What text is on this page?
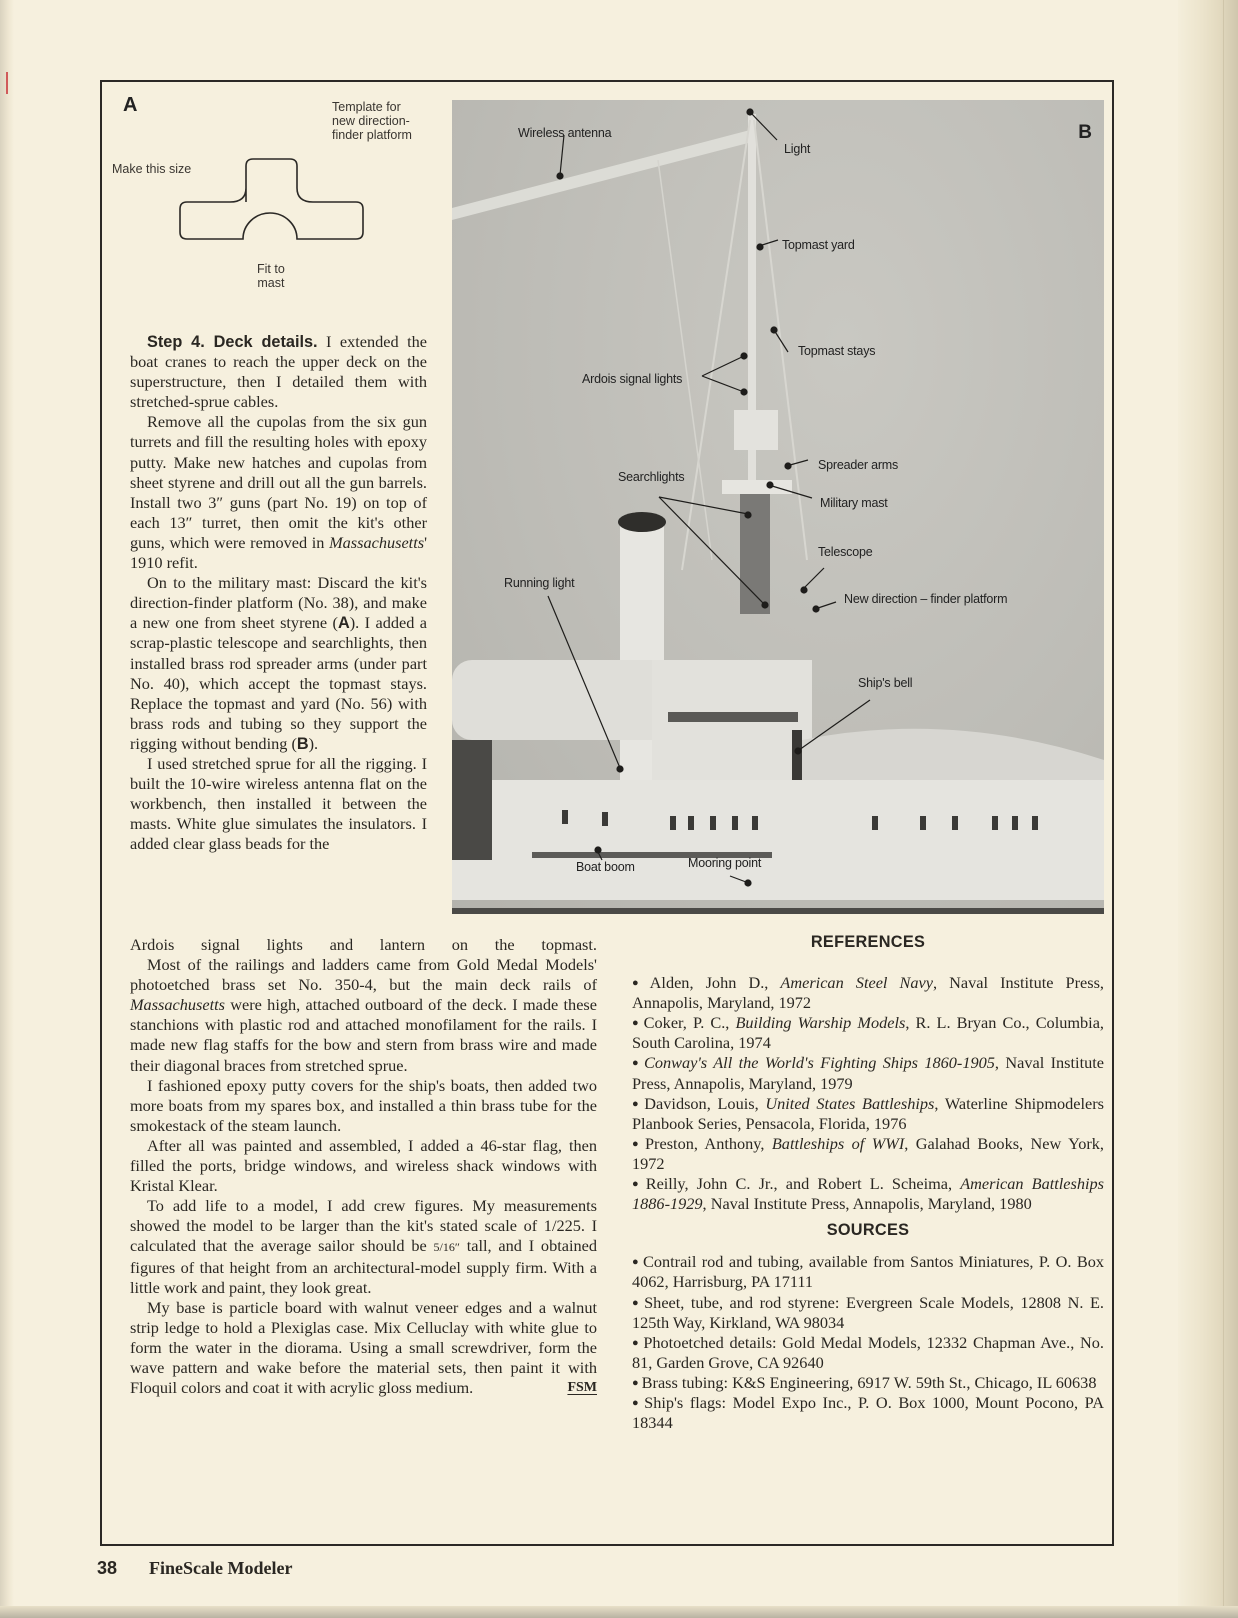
A	Template for
new direction-
finder platform
Make this size
Fit to
mast
B
Wireless antenna
Light
Topmast yard
Topmast stays
Ardois signal lights
Spreader arms
Searchlights
Military mast
Telescope
Running light
New direction – finder platform
Ship's bell
Boat boom	Mooring point

Step 4. Deck details. I extended the boat cranes to reach the upper deck on the superstructure, then I detailed them with stretched-sprue cables.

Remove all the cupolas from the six gun turrets and fill the resulting holes with epoxy putty. Make new hatches and cupolas from sheet styrene and drill out all the gun barrels. Install two 3″ guns (part No. 19) on top of each 13″ turret, then omit the kit's other guns, which were removed in Massachusetts' 1910 refit.

On to the military mast: Discard the kit's direction-finder platform (No. 38), and make a new one from sheet styrene (A). I added a scrap-plastic telescope and searchlights, then installed brass rod spreader arms (under part No. 40), which accept the topmast stays. Replace the topmast and yard (No. 56) with brass rods and tubing so they support the rigging without bending (B).

I used stretched sprue for all the rigging. I built the 10-wire wireless antenna flat on the workbench, then installed it between the masts. White glue simulates the insulators. I added clear glass beads for the

Ardois signal lights and lantern on the topmast.

Most of the railings and ladders came from Gold Medal Models' photoetched brass set No. 350-4, but the main deck rails of Massachusetts were high, attached outboard of the deck. I made these stanchions with plastic rod and attached monofilament for the rails. I made new flag staffs for the bow and stern from brass wire and made their diagonal braces from stretched sprue.

I fashioned epoxy putty covers for the ship's boats, then added two more boats from my spares box, and installed a thin brass tube for the smokestack of the steam launch.

After all was painted and assembled, I added a 46-star flag, then filled the ports, bridge windows, and wireless shack windows with Kristal Klear.

To add life to a model, I add crew figures. My measurements showed the model to be larger than the kit's stated scale of 1/225. I calculated that the average sailor should be 5/16″ tall, and I obtained figures of that height from an architectural-model supply firm. With a little work and paint, they look great.

My base is particle board with walnut veneer edges and a walnut strip ledge to hold a Plexiglas case. Mix Celluclay with white glue to form the water in the diorama. Using a small screwdriver, form the wave pattern and wake before the material sets, then paint it with Floquil colors and coat it with acrylic gloss medium.	FSM

REFERENCES

● Alden, John D., American Steel Navy, Naval Institute Press, Annapolis, Maryland, 1972

● Coker, P. C., Building Warship Models, R. L. Bryan Co., Columbia, South Carolina, 1974

● Conway's All the World's Fighting Ships 1860-1905, Naval Institute Press, Annapolis, Maryland, 1979

● Davidson, Louis, United States Battleships, Waterline Shipmodelers Planbook Series, Pensacola, Florida, 1976

● Preston, Anthony, Battleships of WWI, Galahad Books, New York, 1972

● Reilly, John C. Jr., and Robert L. Scheima, American Battleships 1886-1929, Naval Institute Press, Annapolis, Maryland, 1980

SOURCES

● Contrail rod and tubing, available from Santos Miniatures, P. O. Box 4062, Harrisburg, PA 17111

● Sheet, tube, and rod styrene: Evergreen Scale Models, 12808 N. E. 125th Way, Kirkland, WA 98034

● Photoetched details: Gold Medal Models, 12332 Chapman Ave., No. 81, Garden Grove, CA 92640

● Brass tubing: K&S Engineering, 6917 W. 59th St., Chicago, IL 60638

● Ship's flags: Model Expo Inc., P. O. Box 1000, Mount Pocono, PA 18344

38 FineScale Modeler
